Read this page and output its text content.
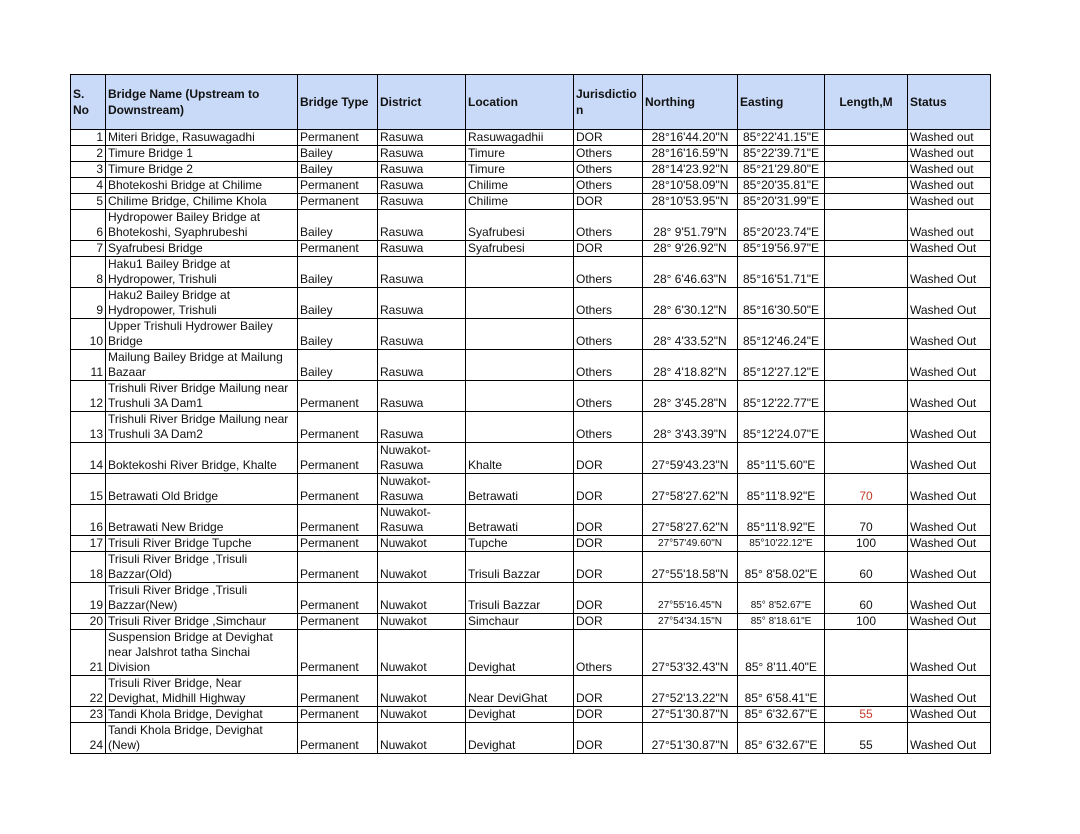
S. No	Bridge Name (Upstream to Downstream)	Bridge Type	District	Location	Jurisdiction	Northing	Easting	Length,M	Status
1	Miteri Bridge, Rasuwagadhi	Permanent	Rasuwa	Rasuwagadhii	DOR	28°16'44.20"N	85°22'41.15"E		Washed out
2	Timure Bridge 1	Bailey	Rasuwa	Timure	Others	28°16'16.59"N	85°22'39.71"E		Washed out
3	Timure Bridge 2	Bailey	Rasuwa	Timure	Others	28°14'23.92"N	85°21'29.80"E		Washed out
4	Bhotekoshi Bridge at Chilime	Permanent	Rasuwa	Chilime	Others	28°10'58.09"N	85°20'35.81"E		Washed out
5	Chilime Bridge, Chilime Khola	Permanent	Rasuwa	Chilime	DOR	28°10'53.95"N	85°20'31.99"E		Washed out
6	Hydropower Bailey Bridge at Bhotekoshi, Syaphrubeshi	Bailey	Rasuwa	Syafrubesi	Others	28° 9'51.79"N	85°20'23.74"E		Washed out
7	Syafrubesi Bridge	Permanent	Rasuwa	Syafrubesi	DOR	28° 9'26.92"N	85°19'56.97"E		Washed Out
8	Haku1 Bailey Bridge at Hydropower, Trishuli	Bailey	Rasuwa		Others	28° 6'46.63"N	85°16'51.71"E		Washed Out
9	Haku2 Bailey Bridge at Hydropower, Trishuli	Bailey	Rasuwa		Others	28° 6'30.12"N	85°16'30.50"E		Washed Out
10	Upper Trishuli Hydrower Bailey Bridge	Bailey	Rasuwa		Others	28° 4'33.52"N	85°12'46.24"E		Washed Out
11	Mailung Bailey Bridge at Mailung Bazaar	Bailey	Rasuwa		Others	28° 4'18.82"N	85°12'27.12"E		Washed Out
12	Trishuli River Bridge Mailung near Trushuli 3A Dam1	Permanent	Rasuwa		Others	28° 3'45.28"N	85°12'22.77"E		Washed Out
13	Trishuli River Bridge Mailung near Trushuli 3A Dam2	Permanent	Rasuwa		Others	28° 3'43.39"N	85°12'24.07"E		Washed Out
14	Boktekoshi River Bridge, Khalte	Permanent	Nuwakot-Rasuwa	Khalte	DOR	27°59'43.23"N	85°11'5.60"E		Washed Out
15	Betrawati Old Bridge	Permanent	Nuwakot-Rasuwa	Betrawati	DOR	27°58'27.62"N	85°11'8.92"E	70	Washed Out
16	Betrawati New Bridge	Permanent	Nuwakot-Rasuwa	Betrawati	DOR	27°58'27.62"N	85°11'8.92"E	70	Washed Out
17	Trisuli River Bridge Tupche	Permanent	Nuwakot	Tupche	DOR	27°57'49.60"N	85°10'22.12"E	100	Washed Out
18	Trisuli River Bridge ,Trisuli Bazzar(Old)	Permanent	Nuwakot	Trisuli Bazzar	DOR	27°55'18.58"N	85° 8'58.02"E	60	Washed Out
19	Trisuli River Bridge ,Trisuli Bazzar(New)	Permanent	Nuwakot	Trisuli Bazzar	DOR	27°55'16.45"N	85° 8'52.67"E	60	Washed Out
20	Trisuli River Bridge ,Simchaur	Permanent	Nuwakot	Simchaur	DOR	27°54'34.15"N	85° 8'18.61"E	100	Washed Out
21	Suspension Bridge at Devighat near Jalshrot tatha Sinchai Division	Permanent	Nuwakot	Devighat	Others	27°53'32.43"N	85° 8'11.40"E		Washed Out
22	Trisuli River Bridge, Near Devighat, Midhill Highway	Permanent	Nuwakot	Near DeviGhat	DOR	27°52'13.22"N	85° 6'58.41"E		Washed Out
23	Tandi Khola Bridge, Devighat	Permanent	Nuwakot	Devighat	DOR	27°51'30.87"N	85° 6'32.67"E	55	Washed Out
24	Tandi Khola Bridge, Devighat (New)	Permanent	Nuwakot	Devighat	DOR	27°51'30.87"N	85° 6'32.67"E	55	Washed Out
